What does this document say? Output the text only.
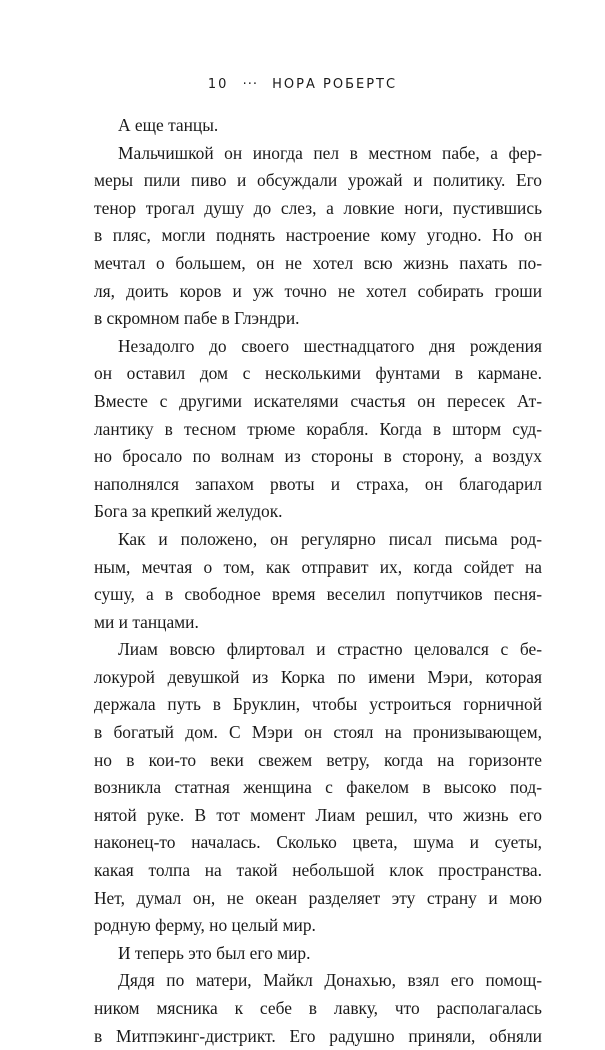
10 ··· НОРА РОБЕРТС
А еще танцы.
Мальчишкой он иногда пел в местном пабе, а фер-
меры пили пиво и обсуждали урожай и политику. Его
тенор трогал душу до слез, а ловкие ноги, пустившись
в пляс, могли поднять настроение кому угодно. Но он
мечтал о большем, он не хотел всю жизнь пахать по-
ля, доить коров и уж точно не хотел собирать гроши
в скромном пабе в Глэндри.
Незадолго до своего шестнадцатого дня рождения
он оставил дом с несколькими фунтами в кармане.
Вместе с другими искателями счастья он пересек Ат-
лантику в тесном трюме корабля. Когда в шторм суд-
но бросало по волнам из стороны в сторону, а воздух
наполнялся запахом рвоты и страха, он благодарил
Бога за крепкий желудок.
Как и положено, он регулярно писал письма род-
ным, мечтая о том, как отправит их, когда сойдет на
сушу, а в свободное время веселил попутчиков песня-
ми и танцами.
Лиам вовсю флиртовал и страстно целовался с бе-
локурой девушкой из Корка по имени Мэри, которая
держала путь в Бруклин, чтобы устроиться горничной
в богатый дом. С Мэри он стоял на пронизывающем,
но в кои-то веки свежем ветру, когда на горизонте
возникла статная женщина с факелом в высоко под-
нятой руке. В тот момент Лиам решил, что жизнь его
наконец-то началась. Сколько цвета, шума и суеты,
какая толпа на такой небольшой клок пространства.
Нет, думал он, не океан разделяет эту страну и мою
родную ферму, но целый мир.
И теперь это был его мир.
Дядя по матери, Майкл Донахью, взял его помощ-
ником мясника к себе в лавку, что располагалась
в Митпэкинг-дистрикт. Его радушно приняли, обняли
